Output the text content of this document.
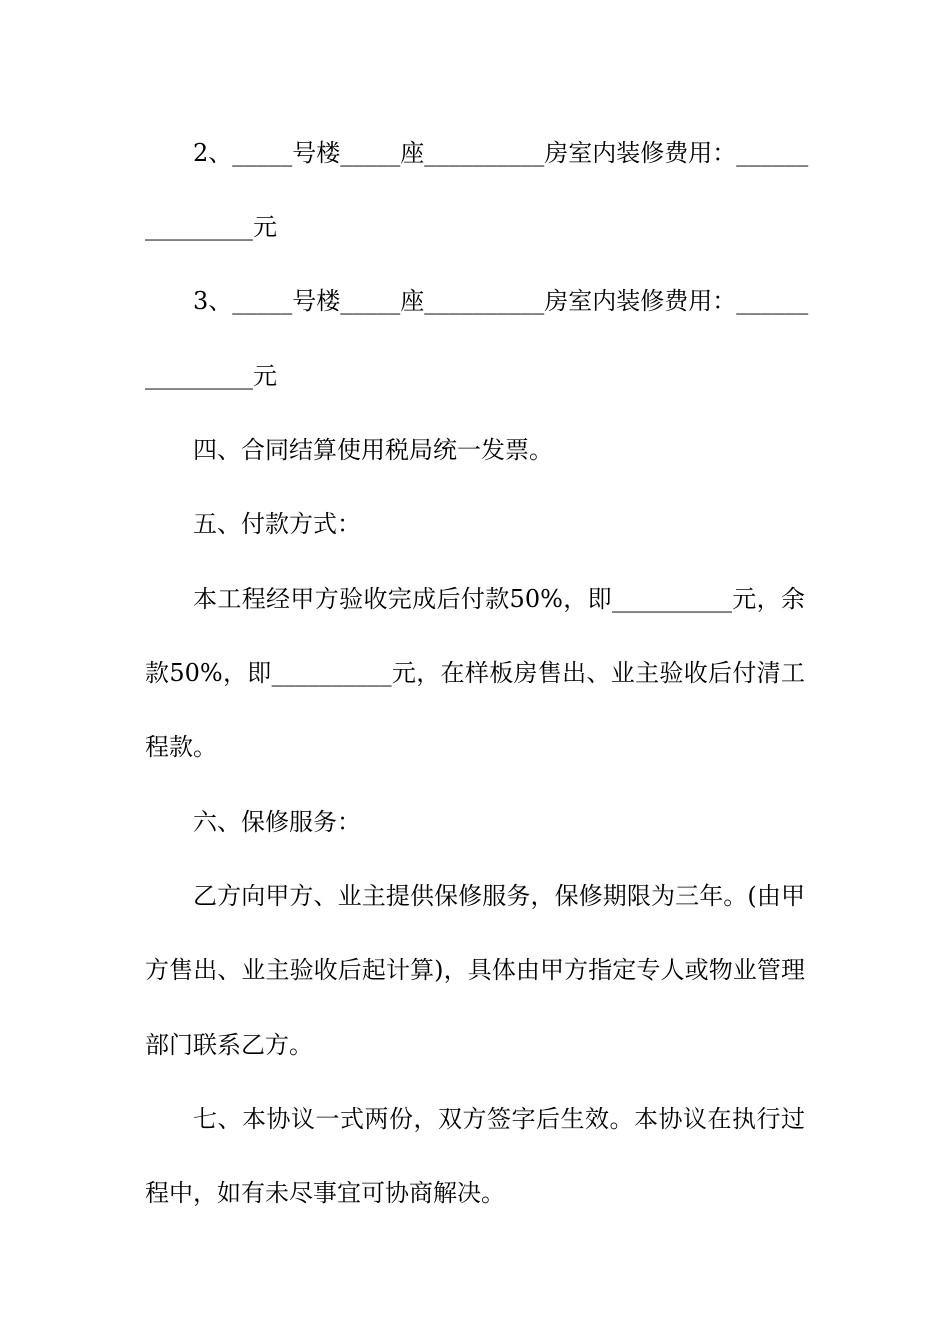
2、_____号楼_____座__________房室内装修费用：______
_________元
3、_____号楼_____座__________房室内装修费用：______
_________元
四、合同结算使用税局统一发票。
五、付款方式：
本工程经甲方验收完成后付款50%，即__________元，余
款50%，即__________元，在样板房售出、业主验收后付清工
程款。
六、保修服务：
乙方向甲方、业主提供保修服务，保修期限为三年。(由甲
方售出、业主验收后起计算)，具体由甲方指定专人或物业管理
部门联系乙方。
七、本协议一式两份，双方签字后生效。本协议在执行过
程中，如有未尽事宜可协商解决。
